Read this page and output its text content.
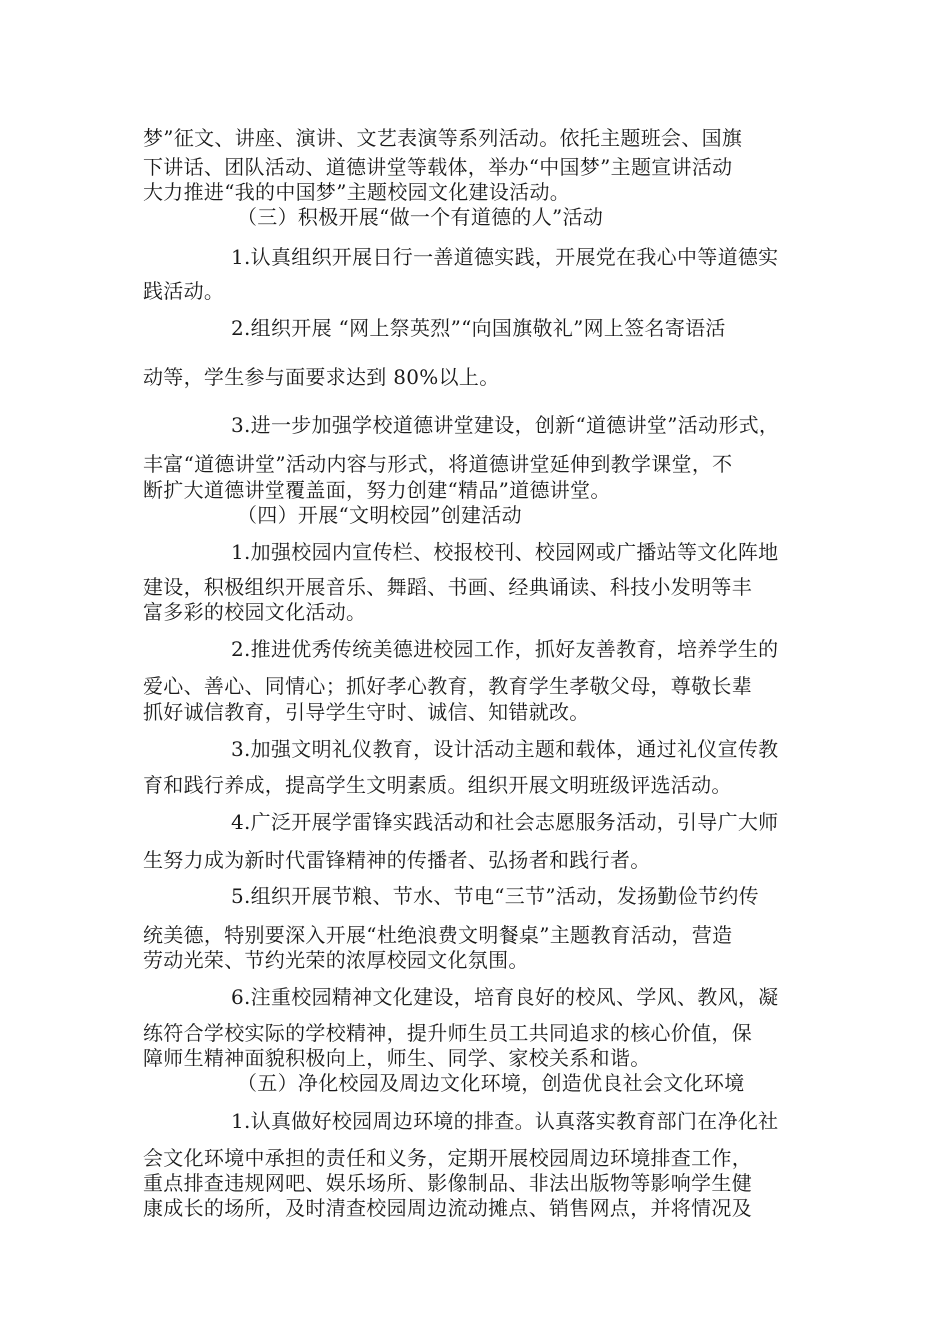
梦”征文、讲座、演讲、文艺表演等系列活动。依托主题班会、国旗
下讲话、团队活动、道德讲堂等载体，举办“中国梦”主题宣讲活动
大力推进“我的中国梦”主题校园文化建设活动。
（三）积极开展“做一个有道德的人”活动
1.认真组织开展日行一善道德实践，开展党在我心中等道德实
践活动。
2.组织开展 “网上祭英烈”“向国旗敬礼”网上签名寄语活
动等，学生参与面要求达到 80%以上。
3.进一步加强学校道德讲堂建设，创新“道德讲堂”活动形式，
丰富“道德讲堂”活动内容与形式，将道德讲堂延伸到教学课堂，不
断扩大道德讲堂覆盖面，努力创建“精品”道德讲堂。
（四）开展“文明校园”创建活动
1.加强校园内宣传栏、校报校刊、校园网或广播站等文化阵地
建设，积极组织开展音乐、舞蹈、书画、经典诵读、科技小发明等丰
富多彩的校园文化活动。
2.推进优秀传统美德进校园工作，抓好友善教育，培养学生的
爱心、善心、同情心；抓好孝心教育，教育学生孝敬父母，尊敬长辈
抓好诚信教育，引导学生守时、诚信、知错就改。
3.加强文明礼仪教育，设计活动主题和载体，通过礼仪宣传教
育和践行养成，提高学生文明素质。组织开展文明班级评选活动。
4.广泛开展学雷锋实践活动和社会志愿服务活动，引导广大师
生努力成为新时代雷锋精神的传播者、弘扬者和践行者。
5.组织开展节粮、节水、节电“三节”活动，发扬勤俭节约传
统美德，特别要深入开展“杜绝浪费文明餐桌”主题教育活动，营造
劳动光荣、节约光荣的浓厚校园文化氛围。
6.注重校园精神文化建设，培育良好的校风、学风、教风，凝
练符合学校实际的学校精神，提升师生员工共同追求的核心价值，保
障师生精神面貌积极向上，师生、同学、家校关系和谐。
（五）净化校园及周边文化环境，创造优良社会文化环境
1.认真做好校园周边环境的排查。认真落实教育部门在净化社
会文化环境中承担的责任和义务，定期开展校园周边环境排查工作，
重点排查违规网吧、娱乐场所、影像制品、非法出版物等影响学生健
康成长的场所，及时清查校园周边流动摊点、销售网点，并将情况及
